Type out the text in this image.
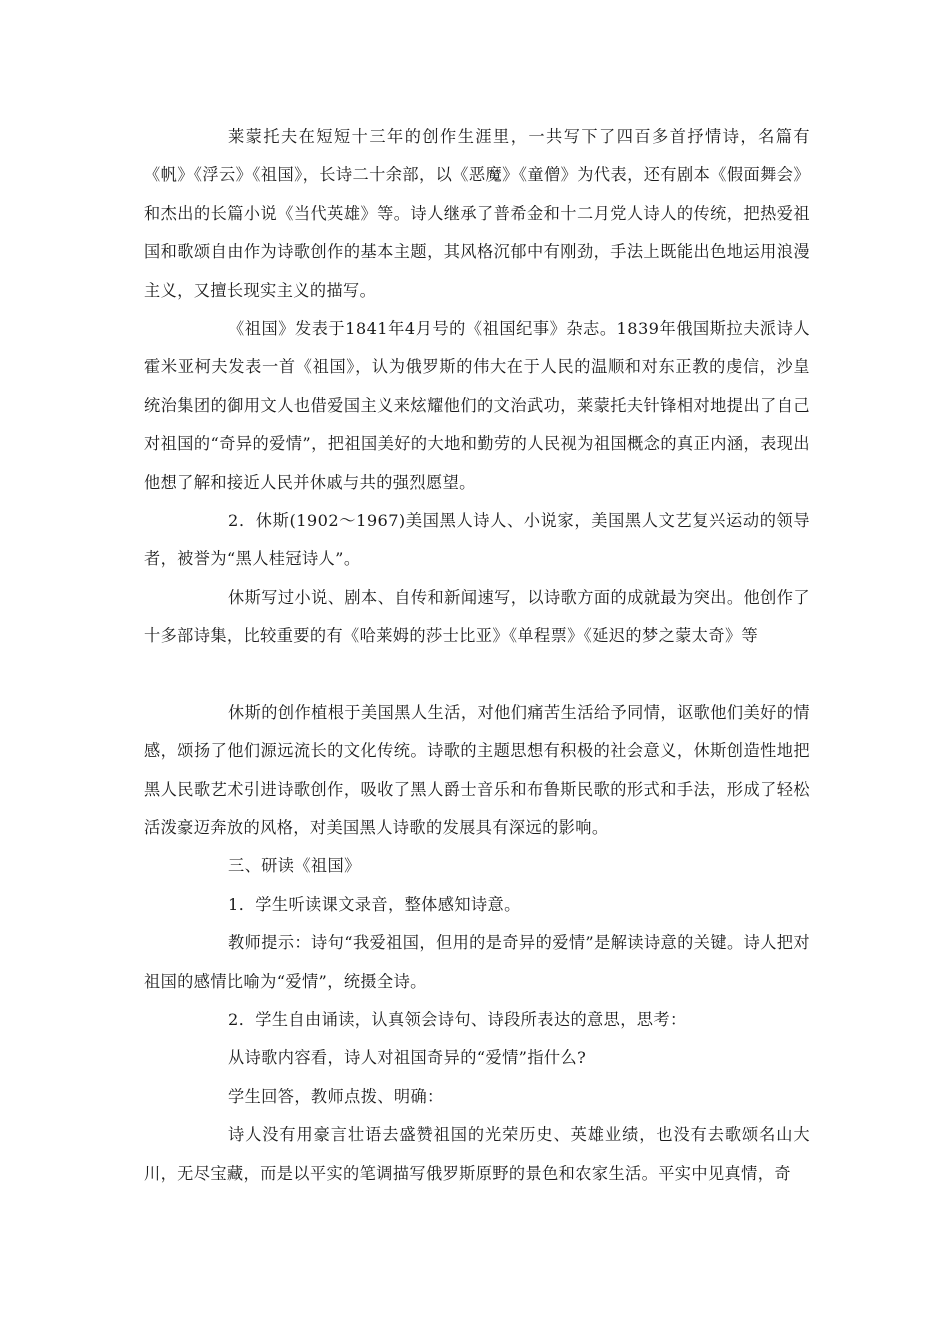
莱蒙托夫在短短十三年的创作生涯里，一共写下了四百多首抒情诗，名篇有《帆》《浮云》《祖国》，长诗二十余部，以《恶魔》《童僧》为代表，还有剧本《假面舞会》和杰出的长篇小说《当代英雄》等。诗人继承了普希金和十二月党人诗人的传统，把热爱祖国和歌颂自由作为诗歌创作的基本主题，其风格沉郁中有刚劲，手法上既能出色地运用浪漫主义，又擅长现实主义的描写。

《祖国》发表于1841年4月号的《祖国纪事》杂志。1839年俄国斯拉夫派诗人霍米亚柯夫发表一首《祖国》，认为俄罗斯的伟大在于人民的温顺和对东正教的虔信，沙皇统治集团的御用文人也借爱国主义来炫耀他们的文治武功，莱蒙托夫针锋相对地提出了自己对祖国的“奇异的爱情”，把祖国美好的大地和勤劳的人民视为祖国概念的真正内涵，表现出他想了解和接近人民并休戚与共的强烈愿望。

2．休斯(1902～1967)美国黑人诗人、小说家，美国黑人文艺复兴运动的领导者，被誉为“黑人桂冠诗人”。

休斯写过小说、剧本、自传和新闻速写，以诗歌方面的成就最为突出。他创作了十多部诗集，比较重要的有《哈莱姆的莎士比亚》《单程票》《延迟的梦之蒙太奇》等

休斯的创作植根于美国黑人生活，对他们痛苦生活给予同情，讴歌他们美好的情感，颂扬了他们源远流长的文化传统。诗歌的主题思想有积极的社会意义，休斯创造性地把黑人民歌艺术引进诗歌创作，吸收了黑人爵士音乐和布鲁斯民歌的形式和手法，形成了轻松活泼豪迈奔放的风格，对美国黑人诗歌的发展具有深远的影响。

三、研读《祖国》

1．学生听读课文录音，整体感知诗意。

教师提示：诗句“我爱祖国，但用的是奇异的爱情”是解读诗意的关键。诗人把对祖国的感情比喻为“爱情”，统摄全诗。

2．学生自由诵读，认真领会诗句、诗段所表达的意思，思考：

从诗歌内容看，诗人对祖国奇异的“爱情”指什么?

学生回答，教师点拨、明确：

诗人没有用豪言壮语去盛赞祖国的光荣历史、英雄业绩，也没有去歌颂名山大川，无尽宝藏，而是以平实的笔调描写俄罗斯原野的景色和农家生活。平实中见真情，奇
